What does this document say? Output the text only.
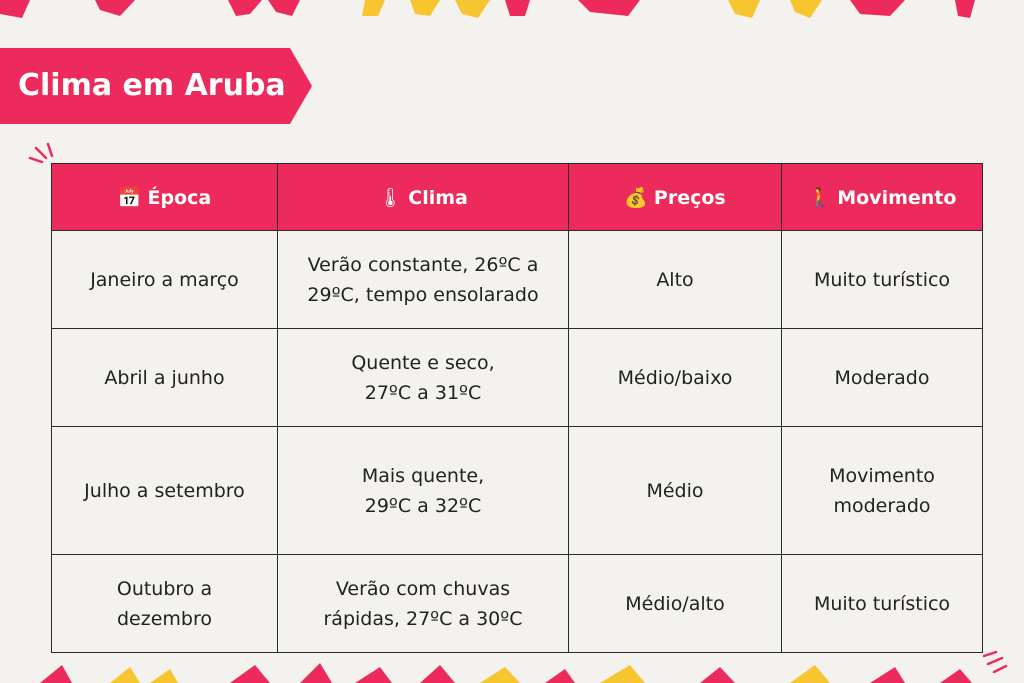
Clima em Aruba
📅 Época	🌡 Clima	💰 Preços	🚶 Movimento

Janeiro a março	Verão constante, 26ºC a
29ºC, tempo ensolarado	Alto	Muito turístico

Abril a junho	Quente e seco,
27ºC a 31ºC	Médio/baixo	Moderado

Julho a setembro	Mais quente,
29ºC a 32ºC	Médio	Movimento
moderado

Outubro a
dezembro	Verão com chuvas
rápidas, 27ºC a 30ºC	Médio/alto	Muito turístico
